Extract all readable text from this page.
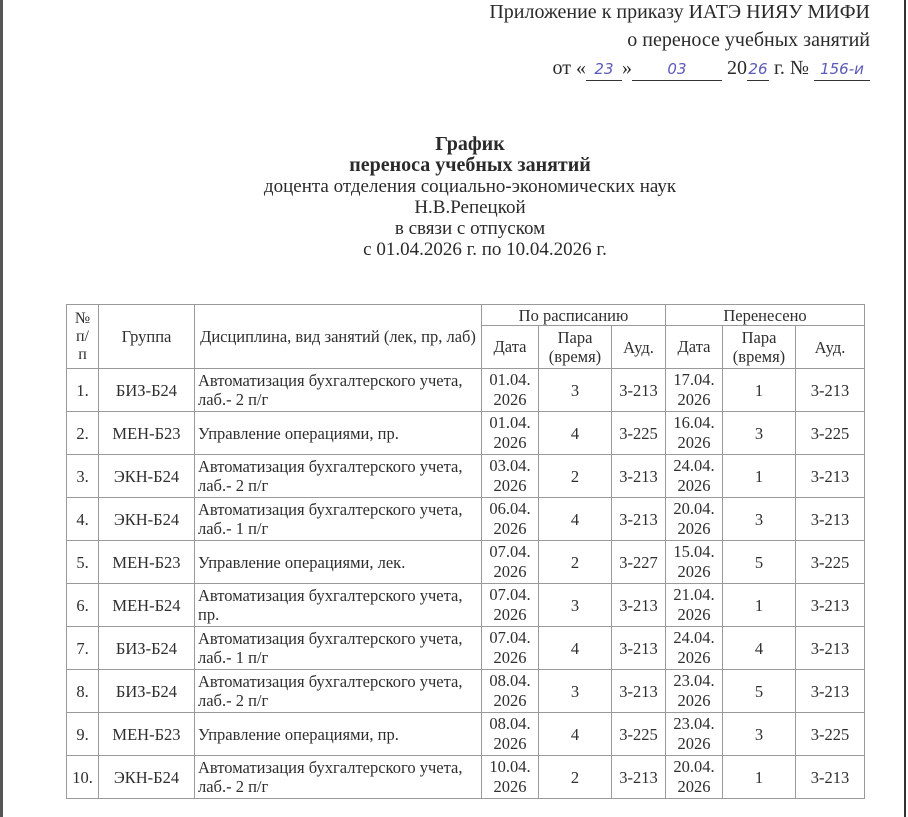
Приложение к приказу ИАТЭ НИЯУ МИФИ
о переносе учебных занятий
от « 23 » 03 2026 г. № 156-и
График
переноса учебных занятий
доцента отделения социально-экономических наук
Н.В.Репецкой
в связи с отпуском
с 01.04.2026 г. по 10.04.2026 г.
№ п/ п	Группа	Дисциплина, вид занятий (лек, пр, лаб)	По расписанию			Перенесено		
			Дата	Пара (время)	Ауд.	Дата	Пара (время)	Ауд.
1.	БИЗ-Б24	Автоматизация бухгалтерского учета, лаб.- 2 п/г	01.04. 2026	3	3-213	17.04. 2026	1	3-213
2.	МЕН-Б23	Управление операциями, пр.	01.04. 2026	4	3-225	16.04. 2026	3	3-225
3.	ЭКН-Б24	Автоматизация бухгалтерского учета, лаб.- 2 п/г	03.04. 2026	2	3-213	24.04. 2026	1	3-213
4.	ЭКН-Б24	Автоматизация бухгалтерского учета, лаб.- 1 п/г	06.04. 2026	4	3-213	20.04. 2026	3	3-213
5.	МЕН-Б23	Управление операциями, лек.	07.04. 2026	2	3-227	15.04. 2026	5	3-225
6.	МЕН-Б24	Автоматизация бухгалтерского учета, пр.	07.04. 2026	3	3-213	21.04. 2026	1	3-213
7.	БИЗ-Б24	Автоматизация бухгалтерского учета, лаб.- 1 п/г	07.04. 2026	4	3-213	24.04. 2026	4	3-213
8.	БИЗ-Б24	Автоматизация бухгалтерского учета, лаб.- 2 п/г	08.04. 2026	3	3-213	23.04. 2026	5	3-213
9.	МЕН-Б23	Управление операциями, пр.	08.04. 2026	4	3-225	23.04. 2026	3	3-225
10.	ЭКН-Б24	Автоматизация бухгалтерского учета, лаб.- 2 п/г	10.04. 2026	2	3-213	20.04. 2026	1	3-213
